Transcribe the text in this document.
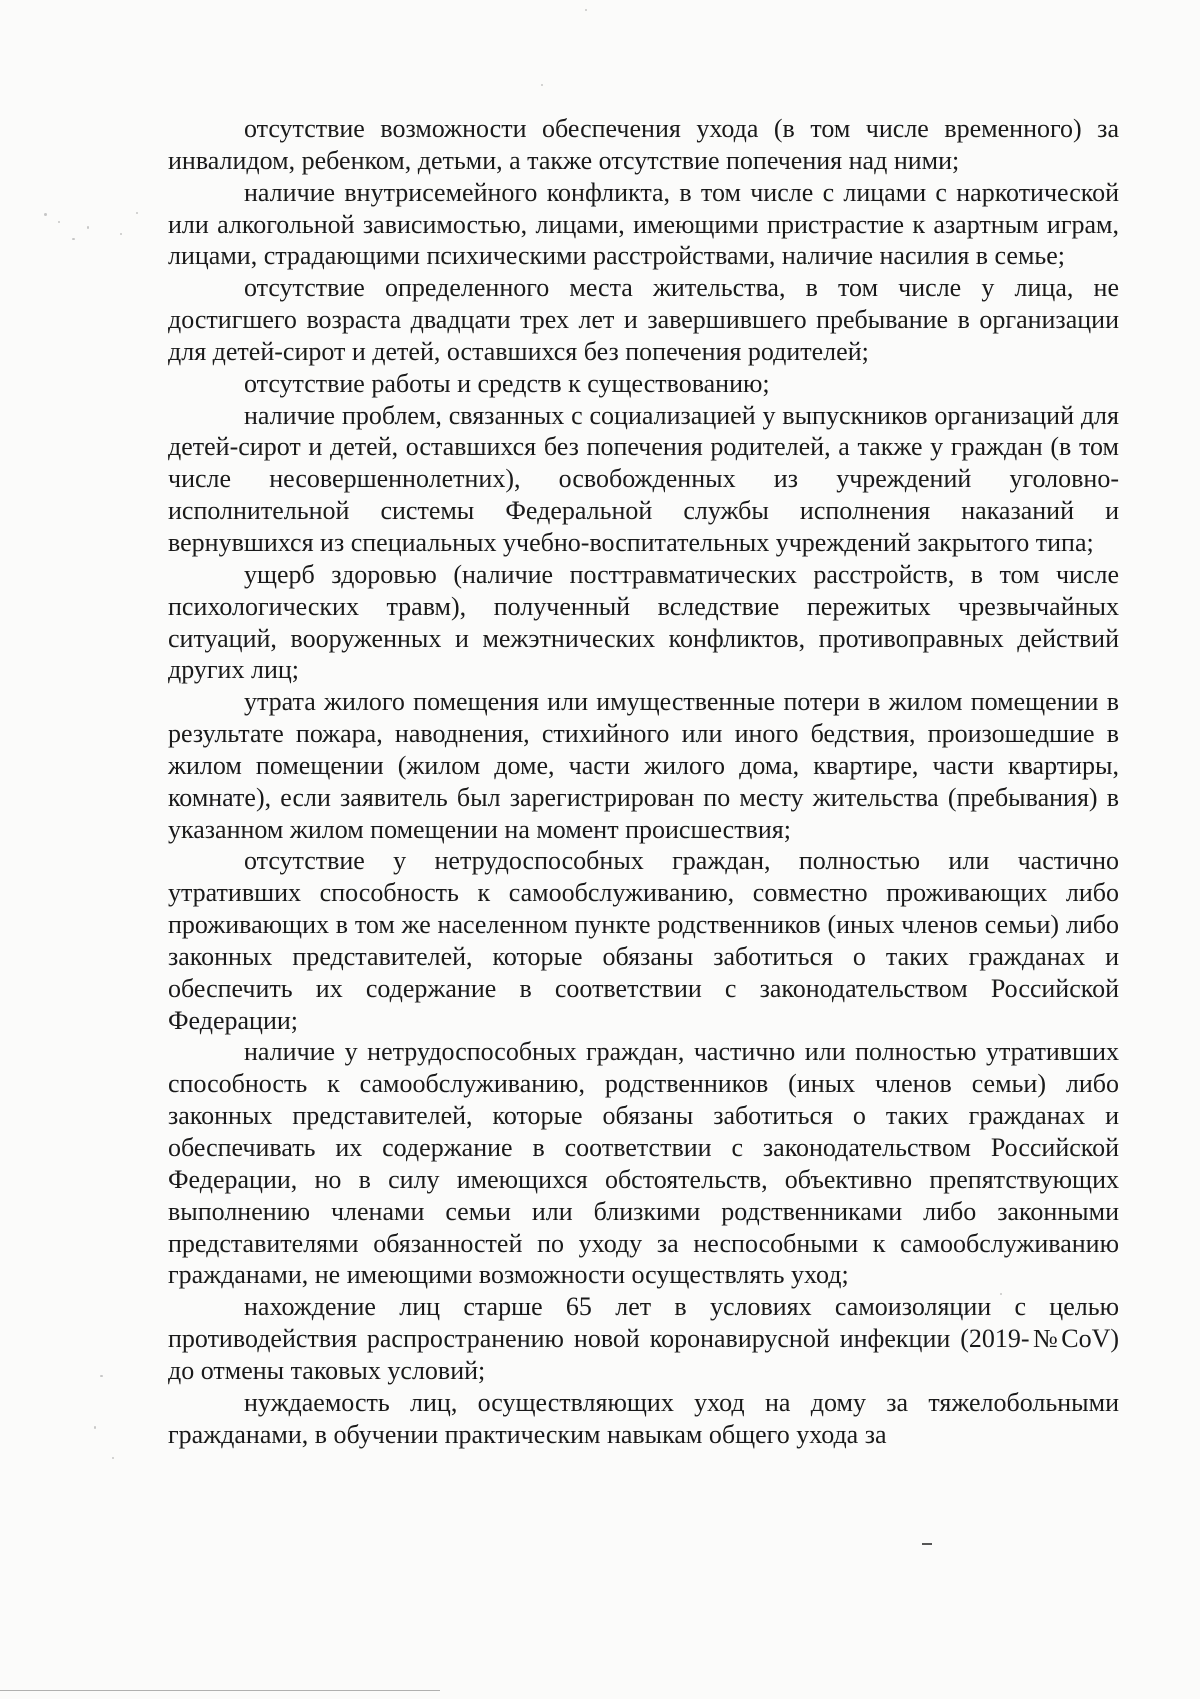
отсутствие возможности обеспечения ухода (в том числе временного) за инвалидом, ребенком, детьми, а также отсутствие попечения над ними;

наличие внутрисемейного конфликта, в том числе с лицами с наркотической или алкогольной зависимостью, лицами, имеющими пристрастие к азартным играм, лицами, страдающими психическими расстройствами, наличие насилия в семье;

отсутствие определенного места жительства, в том числе у лица, не достигшего возраста двадцати трех лет и завершившего пребывание в организации для детей-сирот и детей, оставшихся без попечения родителей;

отсутствие работы и средств к существованию;

наличие проблем, связанных с социализацией у выпускников организаций для детей-сирот и детей, оставшихся без попечения родителей, а также у граждан (в том числе несовершеннолетних), освобожденных из учреждений уголовно-исполнительной системы Федеральной службы исполнения наказаний и вернувшихся из специальных учебно-воспитательных учреждений закрытого типа;

ущерб здоровью (наличие посттравматических расстройств, в том числе психологических травм), полученный вследствие пережитых чрезвычайных ситуаций, вооруженных и межэтнических конфликтов, противоправных действий других лиц;

утрата жилого помещения или имущественные потери в жилом помещении в результате пожара, наводнения, стихийного или иного бедствия, произошедшие в жилом помещении (жилом доме, части жилого дома, квартире, части квартиры, комнате), если заявитель был зарегистрирован по месту жительства (пребывания) в указанном жилом помещении на момент происшествия;

отсутствие у нетрудоспособных граждан, полностью или частично утративших способность к самообслуживанию, совместно проживающих либо проживающих в том же населенном пункте родственников (иных членов семьи) либо законных представителей, которые обязаны заботиться о таких гражданах и обеспечить их содержание в соответствии с законодательством Российской Федерации;

наличие у нетрудоспособных граждан, частично или полностью утративших способность к самообслуживанию, родственников (иных членов семьи) либо законных представителей, которые обязаны заботиться о таких гражданах и обеспечивать их содержание в соответствии с законодательством Российской Федерации, но в силу имеющихся обстоятельств, объективно препятствующих выполнению членами семьи или близкими родственниками либо законными представителями обязанностей по уходу за неспособными к самообслуживанию гражданами, не имеющими возможности осуществлять уход;

нахождение лиц старше 65 лет в условиях самоизоляции с целью противодействия распространению новой коронавирусной инфекции (2019-№CoV) до отмены таковых условий;

нуждаемость лиц, осуществляющих уход на дому за тяжелобольными гражданами, в обучении практическим навыкам общего ухода за
